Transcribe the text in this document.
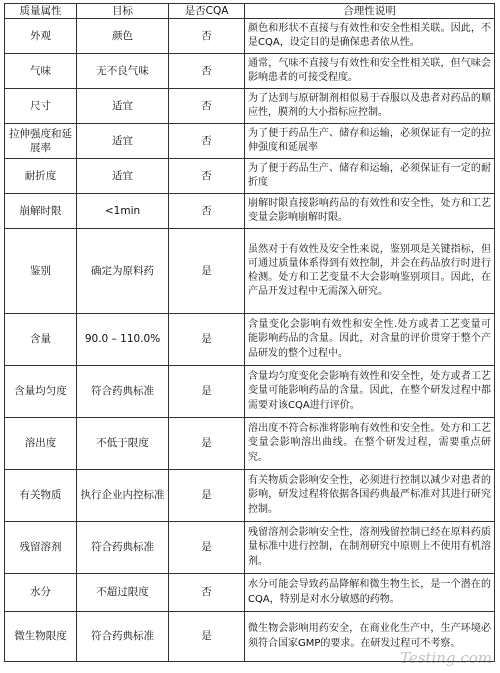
质量属性	目标	是否CQA	合理性说明
外观	颜色	否	颜色和形状不直接与有效性和安全性相关联。因此，不是CQA，设定目的是确保患者依从性。
气味	无不良气味	否	通常，气味不直接与有效性和安全性相关联，但气味会影响患者的可接受程度。
尺寸	适宜	否	为了达到与原研制剂相似易于吞服以及患者对药品的顺应性，膜剂的大小指标应控制。
拉伸强度和延展率	适宜	否	为了便于药品生产、储存和运输，必须保证有一定的拉伸强度和延展率
耐折度	适宜	否	为了便于药品生产、储存和运输，必须保证有一定的耐折度
崩解时限	<1min	否	崩解时限直接影响药品的有效性和安全性，处方和工艺变量会影响崩解时限。
鉴别	确定为原料药	是	虽然对于有效性及安全性来说，鉴别项是关键指标，但可通过质量体系得到有效控制，并会在药品放行时进行检测。处方和工艺变量不大会影响鉴别项目。因此，在产品开发过程中无需深入研究。
含量	90.0 – 110.0%	是	含量变化会影响有效性和安全性.处方或者工艺变量可能影响药品的含量。因此，对含量的评价贯穿于整个产品研发的整个过程中。
含量均匀度	符合药典标准	是	含量均匀度变化会影响有效性和安全性，处方或者工艺变量可能影响药品的含量。因此，在整个研发过程中都需要对该CQA进行评价。
溶出度	不低于限度	是	溶出度不符合标准将影响有效性和安全性。处方和工艺变量会影响溶出曲线。在整个研发过程，需要重点研究。
有关物质	执行企业内控标准	是	有关物质会影响安全性，必须进行控制以减少对患者的影响，研发过程将依据各国药典最严标准对其进行研究控制。
残留溶剂	符合药典标准	是	残留溶剂会影响安全性，溶剂残留控制已经在原料药质量标准中进行控制，在制剂研究中原则上不使用有机溶剂。
水分	不超过限度	否	水分可能会导致药品降解和微生物生长，是一个潜在的CQA，特别是对水分敏感的药物。
微生物限度	符合药典标准	是	微生物会影响用药安全，在商业化生产中，生产环境必须符合国家GMP的要求。在研发过程可不考察。
Testing.com
